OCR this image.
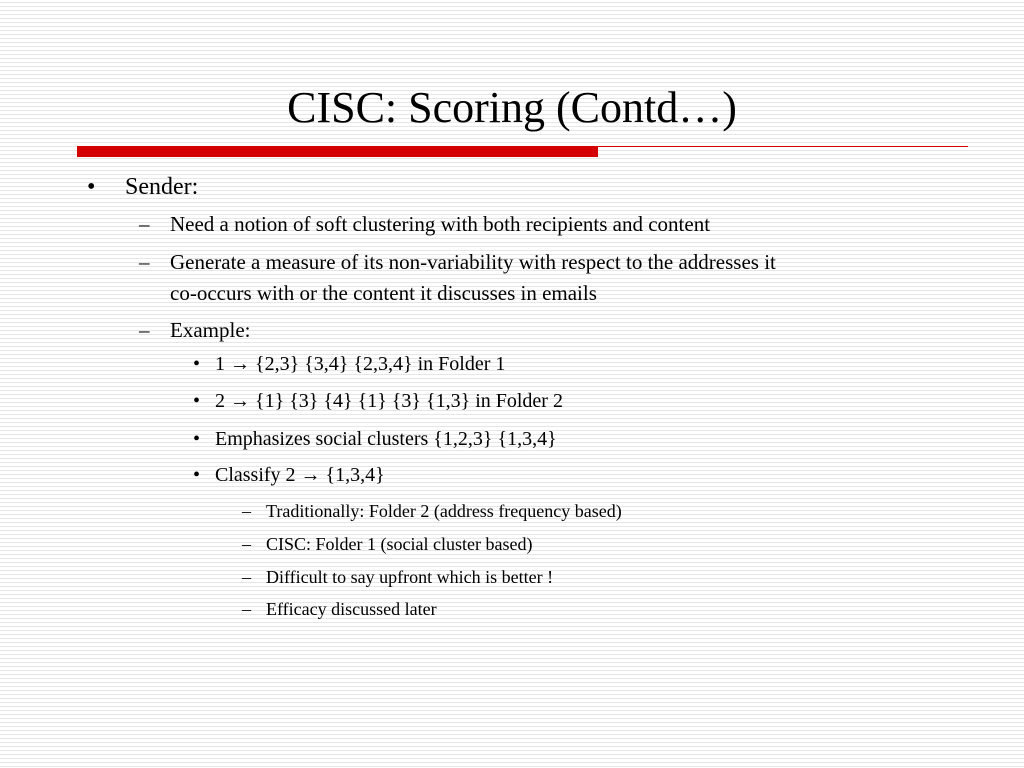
CISC: Scoring (Contd…)
• Sender:
– Need a notion of soft clustering with both recipients and content
– Generate a measure of its non-variability with respect to the addresses it
co-occurs with or the content it discusses in emails
– Example:
• 1 → {2,3} {3,4} {2,3,4} in Folder 1
• 2 → {1} {3} {4} {1} {3} {1,3} in Folder 2
• Emphasizes social clusters {1,2,3} {1,3,4}
• Classify 2 → {1,3,4}
– Traditionally: Folder 2 (address frequency based)
– CISC: Folder 1 (social cluster based)
– Difficult to say upfront which is better !
– Efficacy discussed later
